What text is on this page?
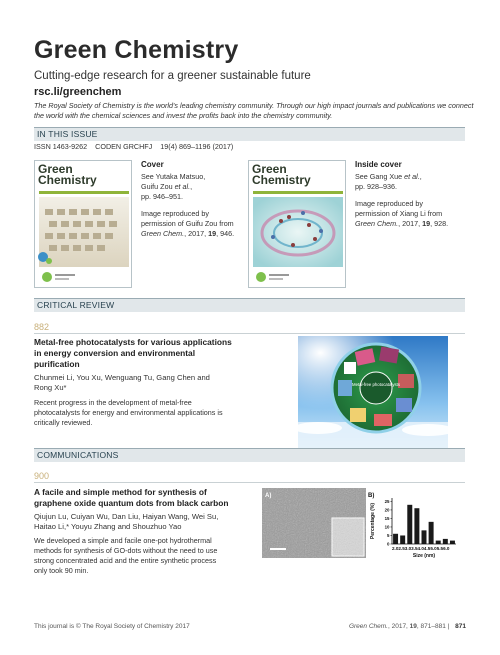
Green Chemistry
Cutting-edge research for a greener sustainable future
rsc.li/greenchem
The Royal Society of Chemistry is the world's leading chemistry community. Through our high impact journals and publications we connect the world with the chemical sciences and invest the profits back into the chemistry community.
IN THIS ISSUE
ISSN 1463-9262 CODEN GRCHFJ 19(4) 869–1196 (2017)
Green
Chemistry
Cover
See Yutaka Matsuo,
Guifu Zou et al.,
pp. 946–951.
Image reproduced by
permission of Guifu Zou from
Green Chem., 2017, 19, 946.
Green
Chemistry
Inside cover
See Gang Xue et al.,
pp. 928–936.
Image reproduced by
permission of Xiang Li from
Green Chem., 2017, 19, 928.
CRITICAL REVIEW
882
Metal-free photocatalysts for various applications
in energy conversion and environmental
purification
Chunmei Li, You Xu, Wenguang Tu, Gang Chen and
Rong Xu*
Recent progress in the development of metal-free
photocatalysts for energy and environmental applications is
critically reviewed.
Metal-free photocatalysts
COMMUNICATIONS
900
A facile and simple method for synthesis of
graphene oxide quantum dots from black carbon
Qiujun Lu, Cuiyan Wu, Dan Liu, Haiyan Wang, Wei Su,
Haitao Li,* Youyu Zhang and Shouzhuo Yao
We developed a simple and facile one-pot hydrothermal
methods for synthesis of GO-dots without the need to use
strong concentrated acid and the entire synthetic process
only took 90 min.
A)	B)
0
5
10
15
20
25
2.02.53.03.54.04.55.05.56.0
Size (nm)
Percentage (%)
This journal is © The Royal Society of Chemistry 2017	Green Chem., 2017, 19, 871–881 | 871
